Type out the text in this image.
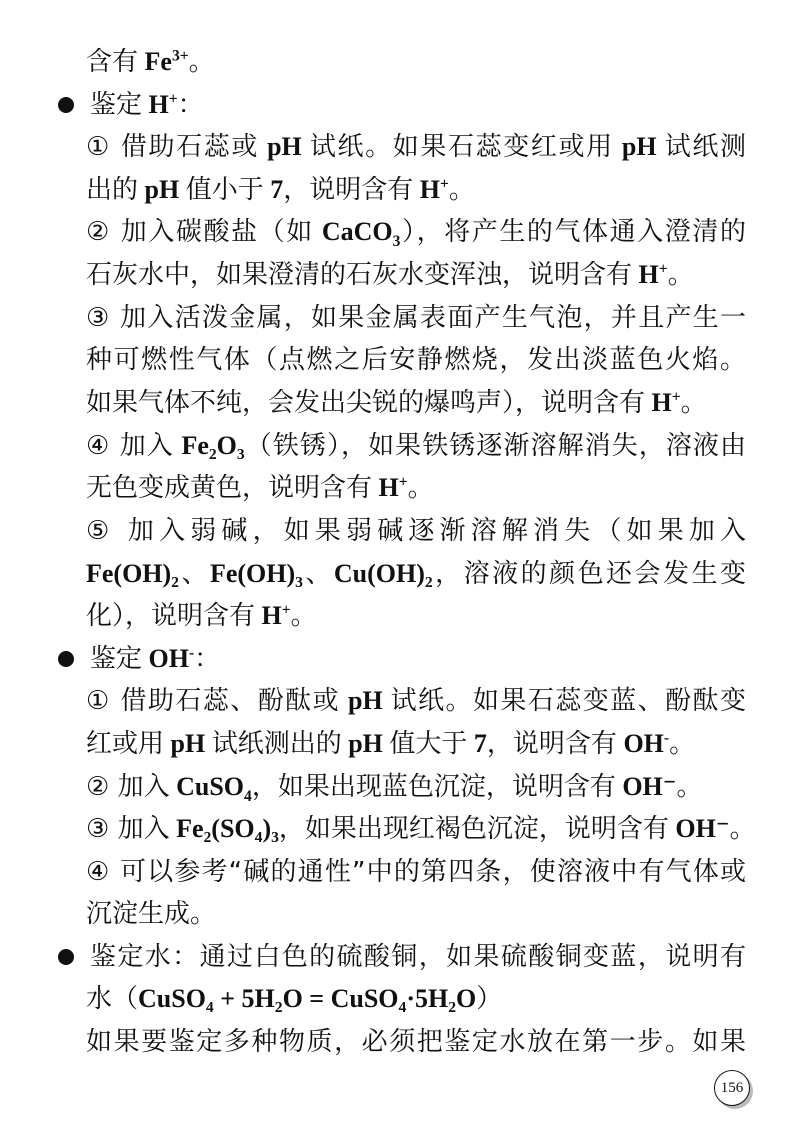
含有 $Fe^{3+}$。
鉴定 H+：
① 借助石蕊或 pH 试纸。如果石蕊变红或用 pH 试纸测
出的 pH 值小于 7，说明含有 H+。
② 加入碳酸盐（如 CaCO$_3$），将产生的气体通入澄清的
石灰水中，如果澄清的石灰水变浑浊，说明含有 H+。
③ 加入活泼金属，如果金属表面产生气泡，并且产生一
种可燃性气体（点燃之后安静燃烧，发出淡蓝色火焰。
如果气体不纯，会发出尖锐的爆鸣声），说明含有 H+。
④ 加入 Fe₂O₃（铁锈），如果铁锈逐渐溶解消失，溶液由
无色变成黄色，说明含有 H+。
⑤ 加入弱碱，如果弱碱逐渐溶解消失（如果加入
Fe(OH)₂、Fe(OH)₃、Cu(OH)₂，溶液的颜色还会发生变
化），说明含有 H+。
鉴定 OH-：
① 借助石蕊、酚酞或 pH 试纸。如果石蕊变蓝、酚酞变
红或用 pH 试纸测出的 pH 值大于 7，说明含有 OH-。
② 加入 CuSO$_4$，如果出现蓝色沉淀，说明含有 OH⁻。
③ 加入 Fe₂(SO₄)₃，如果出现红褐色沉淀，说明含有 OH⁻。
④ 可以参考“碱的通性”中的第四条，使溶液中有气体或
沉淀生成。
鉴定水：通过白色的硫酸铜，如果硫酸铜变蓝，说明有
水（CuSO₄ + 5H₂O = CuSO₄·5H₂O）
如果要鉴定多种物质，必须把鉴定水放在第一步。如果
156
